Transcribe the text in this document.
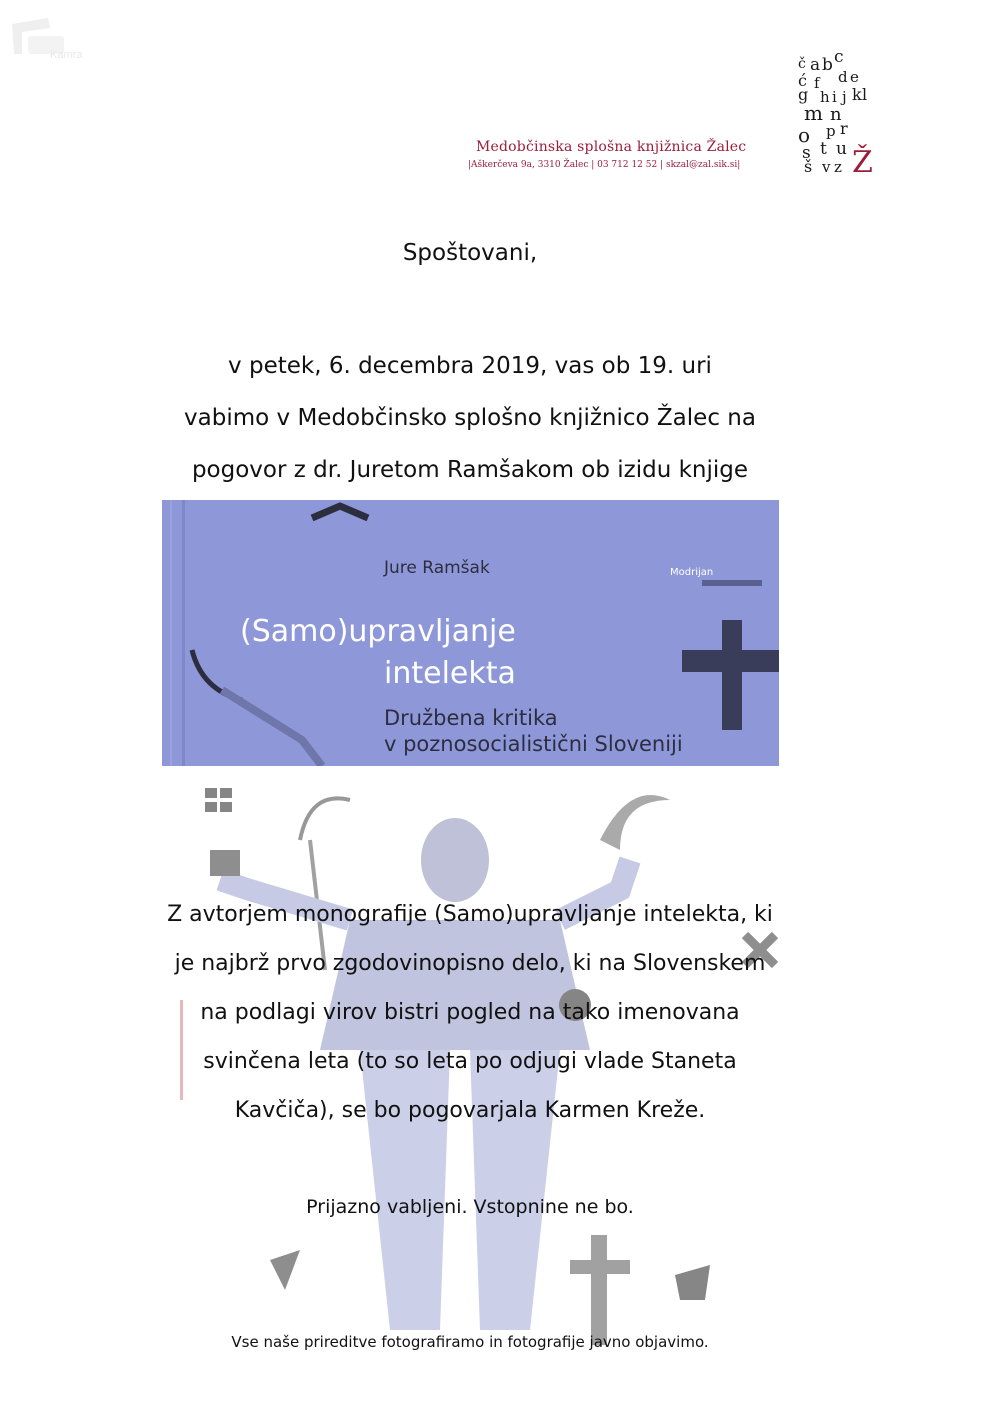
Kamra
Medobčinska splošna knjižnica Žalec
|Aškerčeva 9a, 3310 Žalec | 03 712 12 52 | skzal@zal.sik.si|
č a b c
ć d e
f
g h i j k l
m n
o p r
s
š
t u
v z Ž
Spoštovani,
v petek, 6. decembra 2019, vas ob 19. uri
vabimo v Medobčinsko splošno knjižnico Žalec na
pogovor z dr. Juretom Ramšakom ob izidu knjige
Jure Ramšak	Modrijan
(Samo)upravljanje
intelekta
Družbena kritika
v poznosocialistični Sloveniji
Z avtorjem monografije (Samo)upravljanje intelekta, ki
je najbrž prvo zgodovinopisno delo, ki na Slovenskem
na podlagi virov bistri pogled na tako imenovana
svinčena leta (to so leta po odjugi vlade Staneta
Kavčiča), se bo pogovarjala Karmen Kreže.
Prijazno vabljeni. Vstopnine ne bo.
Vse naše prireditve fotografiramo in fotografije javno objavimo.
